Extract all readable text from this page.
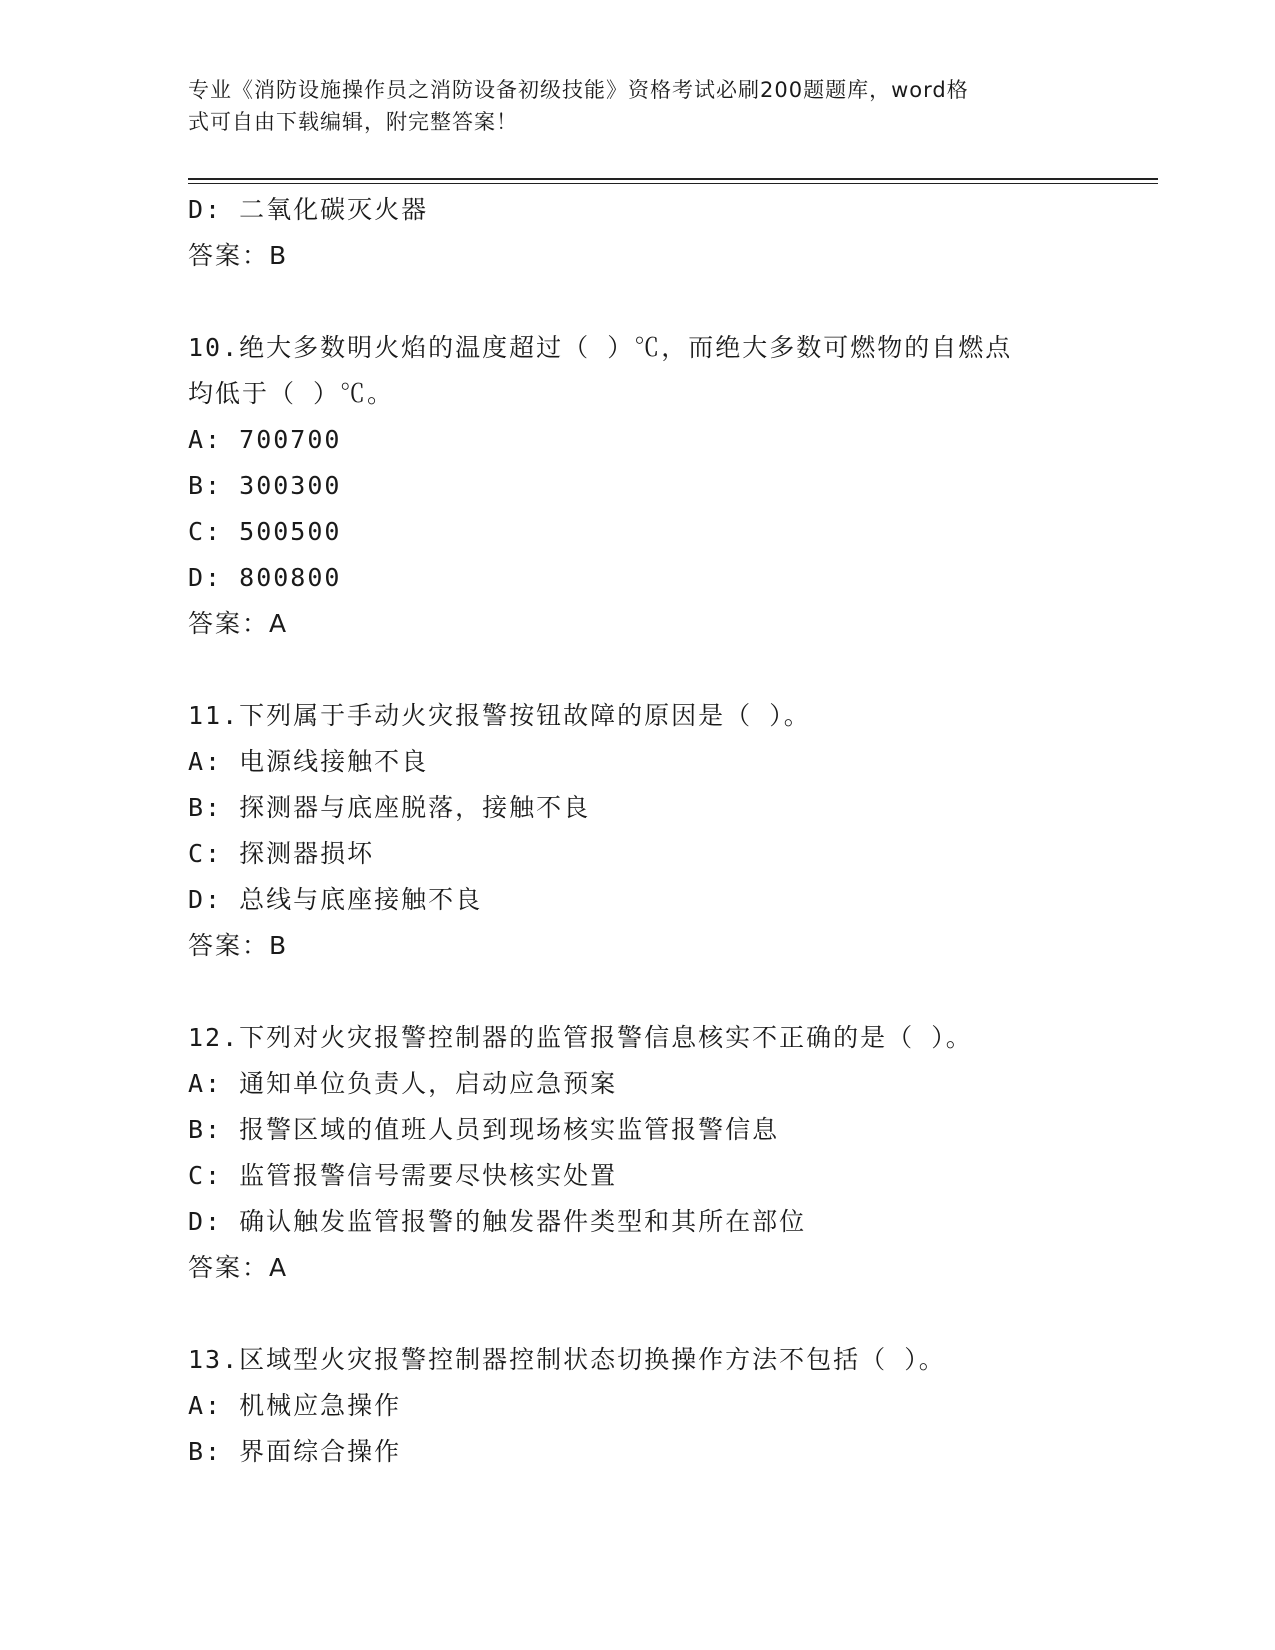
专业《消防设施操作员之消防设备初级技能》资格考试必刷200题题库，word格
式可自由下载编辑，附完整答案！
D: 二氧化碳灭火器
答案：B
10.绝大多数明火焰的温度超过（ ）℃，而绝大多数可燃物的自燃点
均低于（ ）℃。
A: 700700
B: 300300
C: 500500
D: 800800
答案：A
11.下列属于手动火灾报警按钮故障的原因是（ ）。
A: 电源线接触不良
B: 探测器与底座脱落，接触不良
C: 探测器损坏
D: 总线与底座接触不良
答案：B
12.下列对火灾报警控制器的监管报警信息核实不正确的是（ ）。
A: 通知单位负责人，启动应急预案
B: 报警区域的值班人员到现场核实监管报警信息
C: 监管报警信号需要尽快核实处置
D: 确认触发监管报警的触发器件类型和其所在部位
答案：A
13.区域型火灾报警控制器控制状态切换操作方法不包括（ ）。
A: 机械应急操作
B: 界面综合操作
